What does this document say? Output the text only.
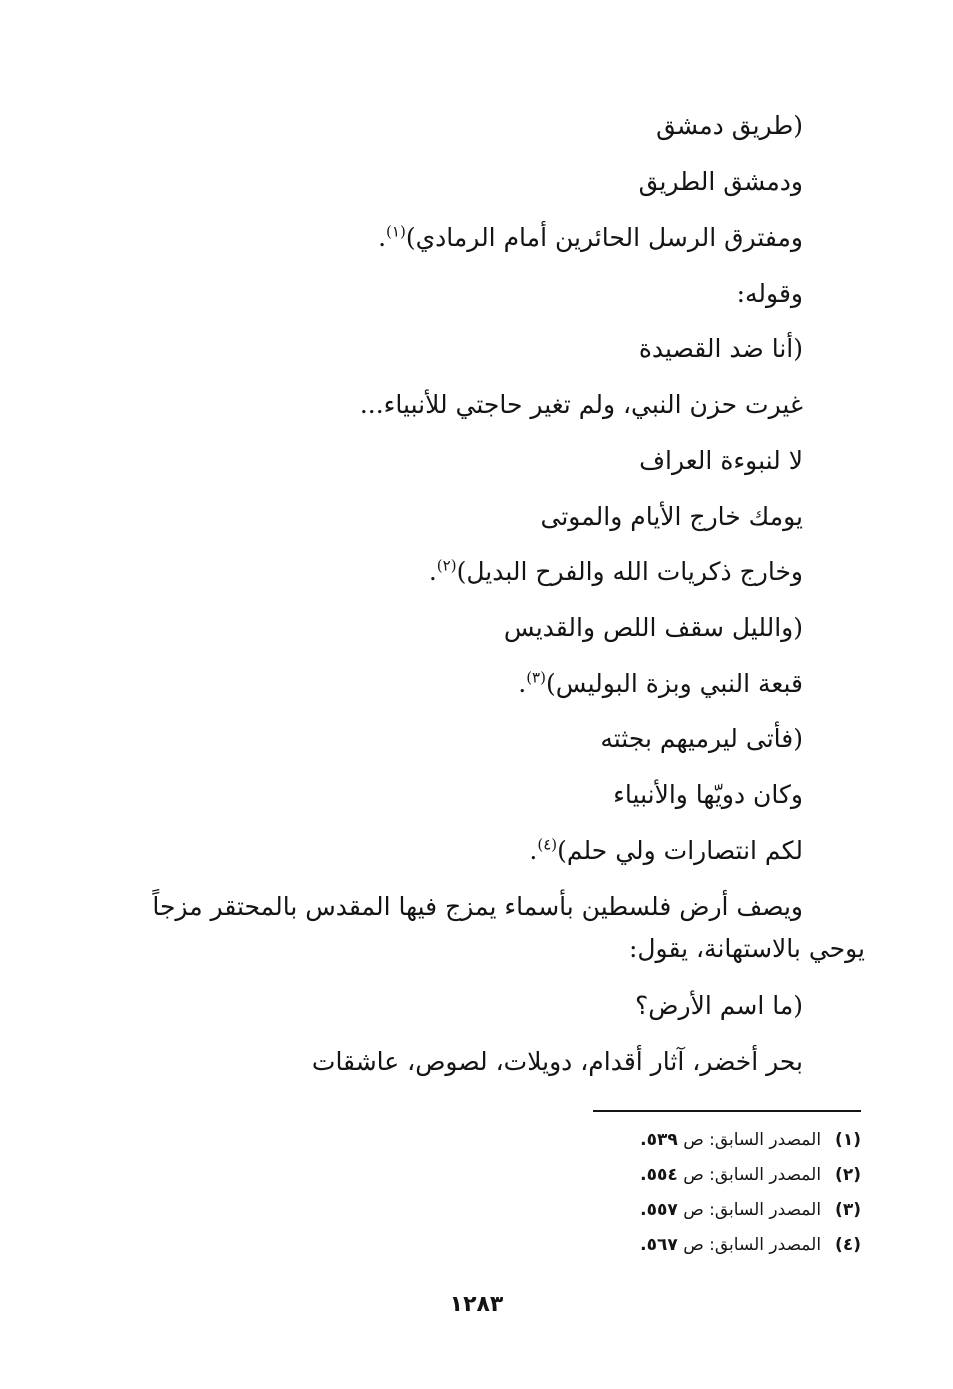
(طريق دمشق
ودمشق الطريق
ومفترق الرسل الحائرين أمام الرمادي)$^{(١)}$.
وقوله:
(أنا ضد القصيدة
غيرت حزن النبي، ولم تغير حاجتي للأنبياء...
لا لنبوءة العراف
يومك خارج الأيام والموتى
وخارج ذكريات الله والفرح البديل)$^{(٢)}$.
(والليل سقف اللص والقديس
قبعة النبي وبزة البوليس)$^{(٣)}$.
(فأتى ليرميهم بجثته
وكان دويّها والأنبياء
لكم انتصارات ولي حلم)$^{(٤)}$.
ويصف أرض فلسطين بأسماء يمزج فيها المقدس بالمحتقر مزجاً
يوحي بالاستهانة، يقول:
(ما اسم الأرض؟
بحر أخضر، آثار أقدام، دويلات، لصوص، عاشقات
(١)المصدر السابق: ص ٥٣٩.
(٢)المصدر السابق: ص ٥٥٤.
(٣)المصدر السابق: ص ٥٥٧.
(٤)المصدر السابق: ص ٥٦٧.
١٢٨٣
